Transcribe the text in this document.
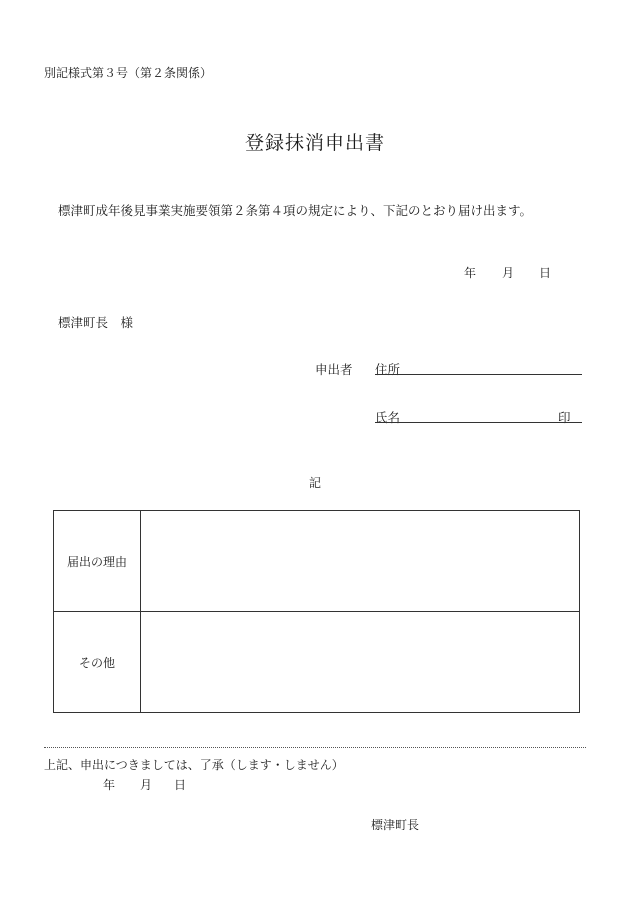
別記様式第３号（第２条関係）
登録抹消申出書
標津町成年後見事業実施要領第２条第４項の規定により、下記のとおり届け出ます。
年 月 日
標津町長　様
申出者 住所
氏名	印
記
届出の理由	
その他	
上記、申出につきましては、了承（します・しません）
年 月 日
標津町長
